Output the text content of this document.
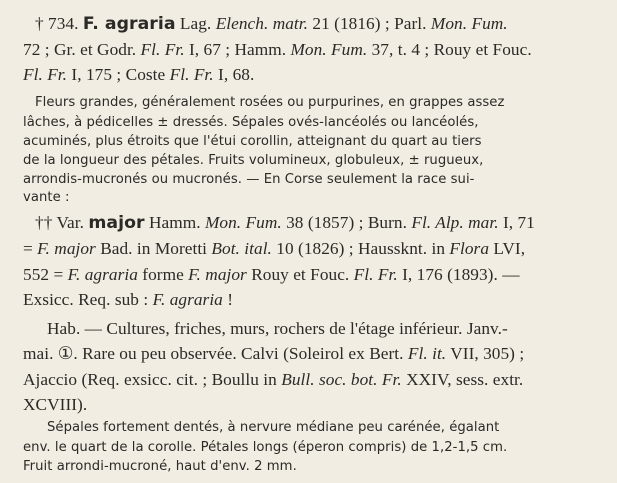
† 734. F. agraria Lag. Elench. matr. 21 (1816) ; Parl. Mon. Fum.
72 ; Gr. et Godr. Fl. Fr. I, 67 ; Hamm. Mon. Fum. 37, t. 4 ; Rouy et Fouc.
Fl. Fr. I, 175 ; Coste Fl. Fr. I, 68.
Fleurs grandes, généralement rosées ou purpurines, en grappes assez
lâches, à pédicelles ± dressés. Sépales ovés-lancéolés ou lancéolés,
acuminés, plus étroits que l'étui corollin, atteignant du quart au tiers
de la longueur des pétales. Fruits volumineux, globuleux, ± rugueux,
arrondis-mucronés ou mucronés. — En Corse seulement la race sui-
vante :
†† Var. major Hamm. Mon. Fum. 38 (1857) ; Burn. Fl. Alp. mar. I, 71
= F. major Bad. in Moretti Bot. ital. 10 (1826) ; Haussknt. in Flora LVI,
552 = F. agraria forme F. major Rouy et Fouc. Fl. Fr. I, 176 (1893). —
Exsicc. Req. sub : F. agraria !
Hab. — Cultures, friches, murs, rochers de l'étage inférieur. Janv.-
mai. ①. Rare ou peu observée. Calvi (Soleirol ex Bert. Fl. it. VII, 305) ;
Ajaccio (Req. exsicc. cit. ; Boullu in Bull. soc. bot. Fr. XXIV, sess. extr.
XCVIII).
Sépales fortement dentés, à nervure médiane peu carénée, égalant
env. le quart de la corolle. Pétales longs (éperon compris) de 1,2-1,5 cm.
Fruit arrondi-mucroné, haut d'env. 2 mm.
